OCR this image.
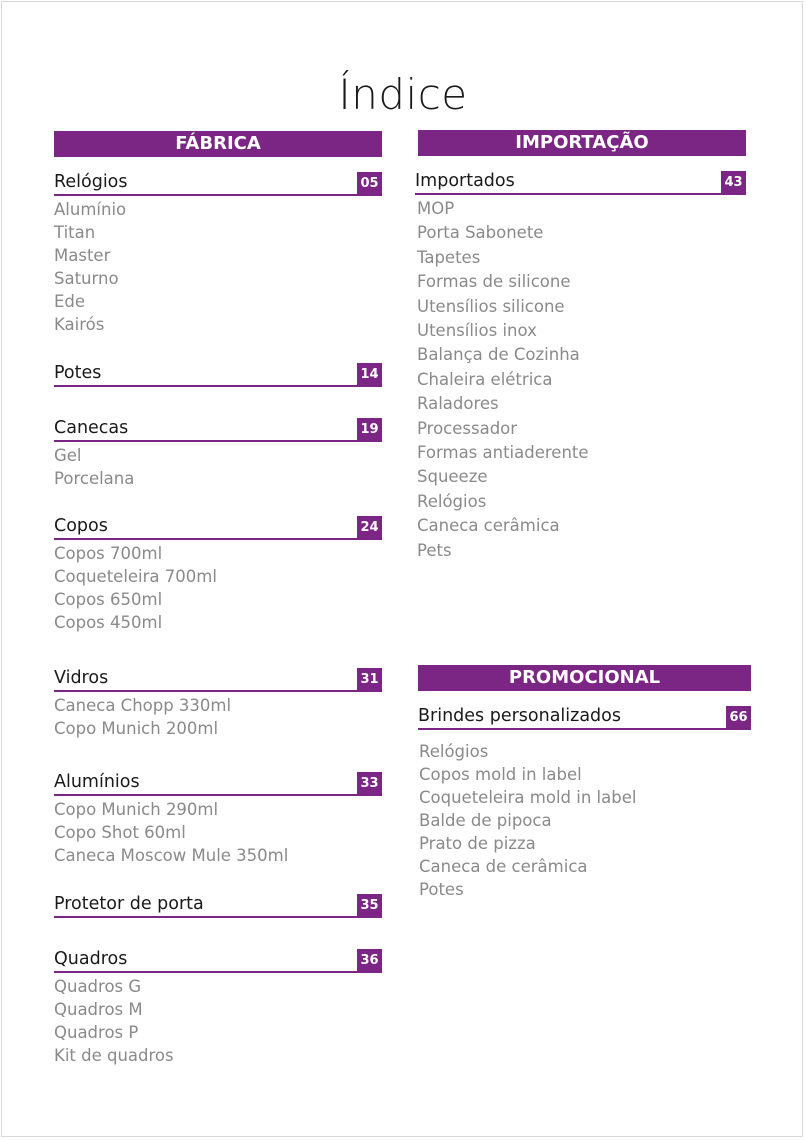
Índice
FÁBRICA	IMPORTAÇÃO
PROMOCIONAL
Relógios	05
Alumínio
Titan
Master
Saturno
Ede
Kairós
Potes	14
Canecas	19
Gel
Porcelana
Copos	24
Copos 700ml
Coqueteleira 700ml
Copos 650ml
Copos 450ml
Vidros	31
Caneca Chopp 330ml
Copo Munich 200ml
Alumínios	33
Copo Munich 290ml
Copo Shot 60ml
Caneca Moscow Mule 350ml
Protetor de porta	35
Quadros	36
Quadros G
Quadros M
Quadros P
Kit de quadros
Importados	43
MOP
Porta Sabonete
Tapetes
Formas de silicone
Utensílios silicone
Utensílios inox
Balança de Cozinha
Chaleira elétrica
Raladores
Processador
Formas antiaderente
Squeeze
Relógios
Caneca cerâmica
Pets
Brindes personalizados	66
Relógios
Copos mold in label
Coqueteleira mold in label
Balde de pipoca
Prato de pizza
Caneca de cerâmica
Potes
